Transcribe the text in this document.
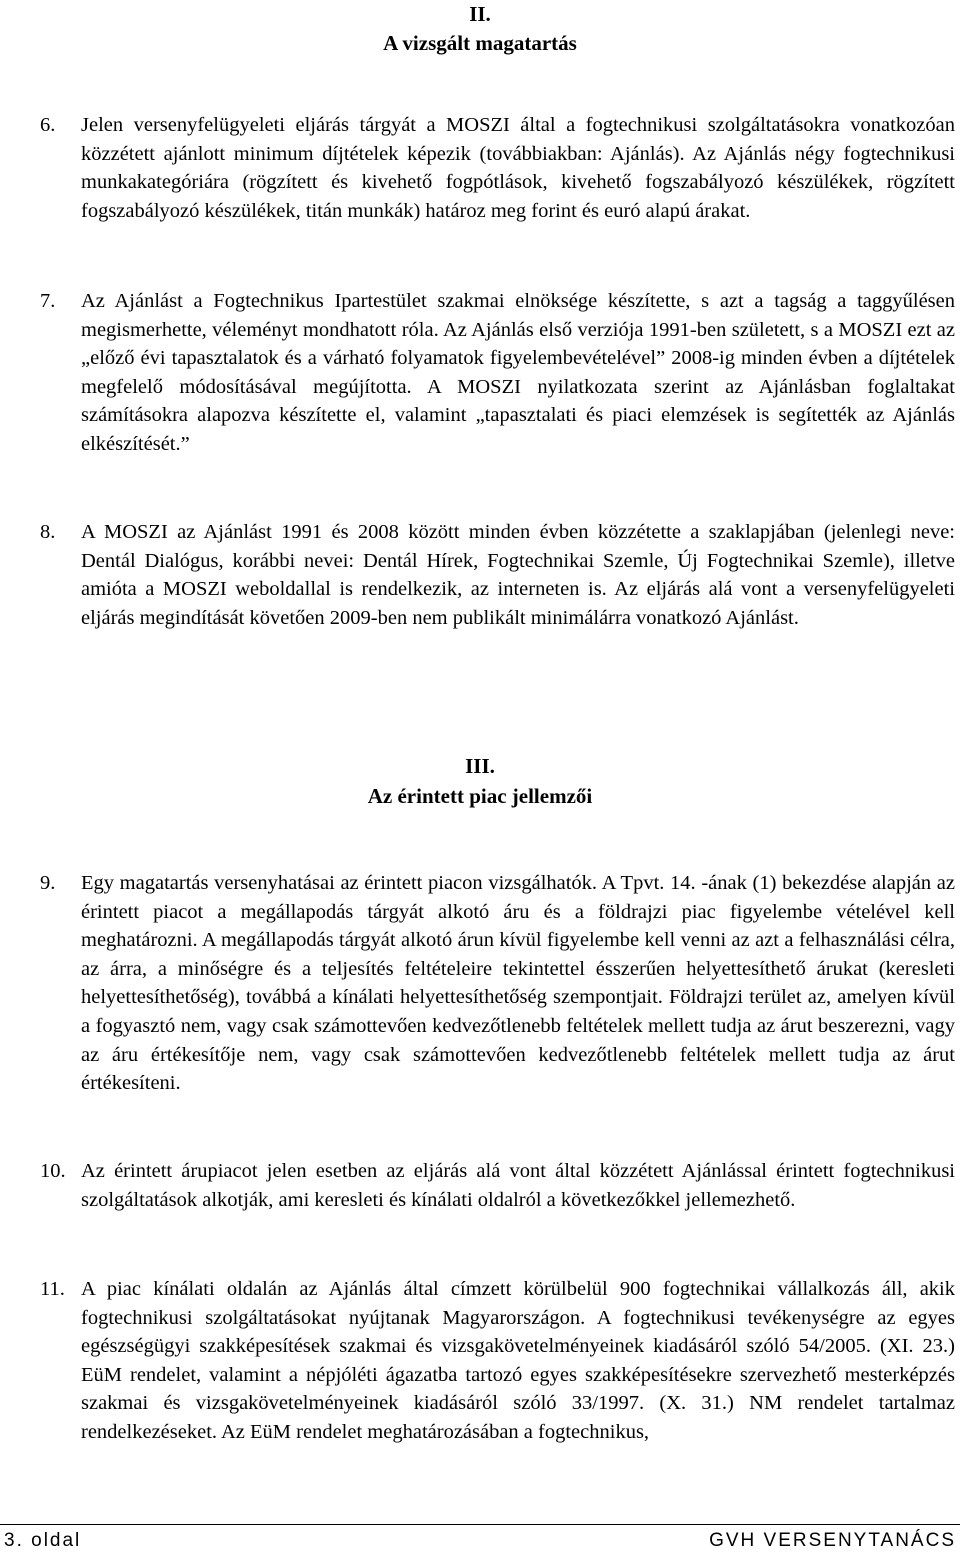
II.
A vizsgált magatartás
6. Jelen versenyfelügyeleti eljárás tárgyát a MOSZI által a fogtechnikusi szolgáltatásokra vonatkozóan közzétett ajánlott minimum díjtételek képezik (továbbiakban: Ajánlás). Az Ajánlás négy fogtechnikusi munkakategóriára (rögzített és kivehető fogpótlások, kivehető fogszabályozó készülékek, rögzített fogszabályozó készülékek, titán munkák) határoz meg forint és euró alapú árakat.
7. Az Ajánlást a Fogtechnikus Ipartestület szakmai elnöksége készítette, s azt a tagság a taggyűlésen megismerhette, véleményt mondhatott róla. Az Ajánlás első verziója 1991-ben született, s a MOSZI ezt az „előző évi tapasztalatok és a várható folyamatok figyelembevételével” 2008-ig minden évben a díjtételek megfelelő módosításával megújította. A MOSZI nyilatkozata szerint az Ajánlásban foglaltakat számításokra alapozva készítette el, valamint „tapasztalati és piaci elemzések is segítették az Ajánlás elkészítését.”
8. A MOSZI az Ajánlást 1991 és 2008 között minden évben közzétette a szaklapjában (jelenlegi neve: Dentál Dialógus, korábbi nevei: Dentál Hírek, Fogtechnikai Szemle, Új Fogtechnikai Szemle), illetve amióta a MOSZI weboldallal is rendelkezik, az interneten is. Az eljárás alá vont a versenyfelügyeleti eljárás megindítását követően 2009-ben nem publikált minimálárra vonatkozó Ajánlást.
III.
Az érintett piac jellemzői
9. Egy magatartás versenyhatásai az érintett piacon vizsgálhatók. A Tpvt. 14. -ának (1) bekezdése alapján az érintett piacot a megállapodás tárgyát alkotó áru és a földrajzi piac figyelembe vételével kell meghatározni. A megállapodás tárgyát alkotó árun kívül figyelembe kell venni az azt a felhasználási célra, az árra, a minőségre és a teljesítés feltételeire tekintettel ésszerűen helyettesíthető árukat (keresleti helyettesíthetőség), továbbá a kínálati helyettesíthetőség szempontjait. Földrajzi terület az, amelyen kívül a fogyasztó nem, vagy csak számottevően kedvezőtlenebb feltételek mellett tudja az árut beszerezni, vagy az áru értékesítője nem, vagy csak számottevően kedvezőtlenebb feltételek mellett tudja az árut értékesíteni.
10. Az érintett árupiacot jelen esetben az eljárás alá vont által közzétett Ajánlással érintett fogtechnikusi szolgáltatások alkotják, ami keresleti és kínálati oldalról a következőkkel jellemezhető.
11. A piac kínálati oldalán az Ajánlás által címzett körülbelül 900 fogtechnikai vállalkozás áll, akik fogtechnikusi szolgáltatásokat nyújtanak Magyarországon. A fogtechnikusi tevékenységre az egyes egészségügyi szakképesítések szakmai és vizsgakövetelményeinek kiadásáról szóló 54/2005. (XI. 23.) EüM rendelet, valamint a népjóléti ágazatba tartozó egyes szakképesítésekre szervezhető mesterképzés szakmai és vizsgakövetelményeinek kiadásáról szóló 33/1997. (X. 31.) NM rendelet tartalmaz rendelkezéseket. Az EüM rendelet meghatározásában a fogtechnikus,
3. oldal	GVH VERSENYTANÁCS
